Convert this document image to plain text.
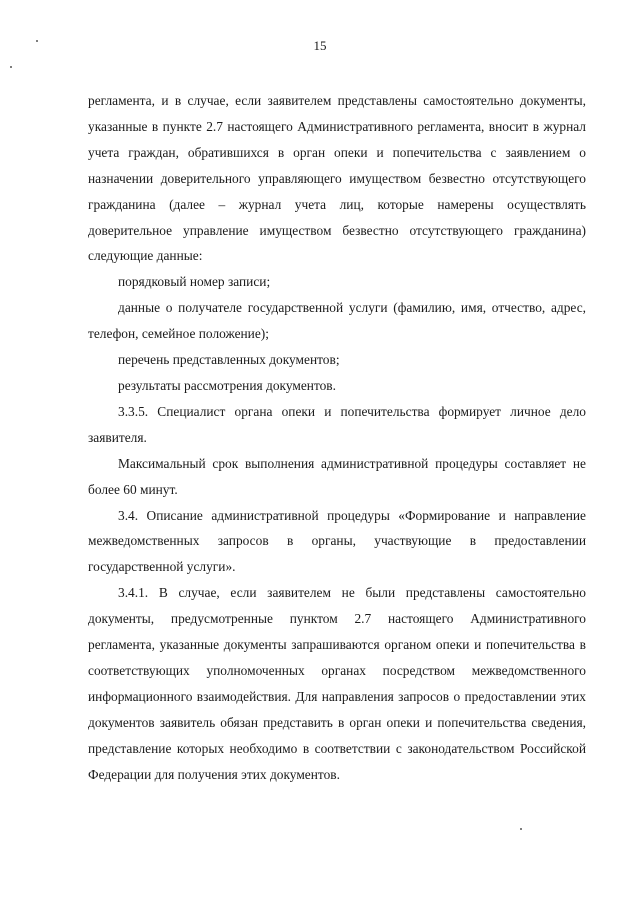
15

регламента, и в случае, если заявителем представлены самостоятельно документы, указанные в пункте 2.7 настоящего Административного регламента, вносит в журнал учета граждан, обратившихся в орган опеки и попечительства с заявлением о назначении доверительного управляющего имуществом безвестно отсутствующего гражданина (далее – журнал учета лиц, которые намерены осуществлять доверительное управление имуществом безвестно отсутствующего гражданина) следующие данные:

порядковый номер записи;

данные о получателе государственной услуги (фамилию, имя, отчество, адрес, телефон, семейное положение);

перечень представленных документов;

результаты рассмотрения документов.

3.3.5. Специалист органа опеки и попечительства формирует личное дело заявителя.

Максимальный срок выполнения административной процедуры составляет не более 60 минут.

3.4. Описание административной процедуры «Формирование и направление межведомственных запросов в органы, участвующие в предоставлении государственной услуги».

3.4.1. В случае, если заявителем не были представлены самостоятельно документы, предусмотренные пунктом 2.7 настоящего Административного регламента, указанные документы запрашиваются органом опеки и попечительства в соответствующих уполномоченных органах посредством межведомственного информационного взаимодействия. Для направления запросов о предоставлении этих документов заявитель обязан представить в орган опеки и попечительства сведения, представление которых необходимо в соответствии с законодательством Российской Федерации для получения этих документов.
